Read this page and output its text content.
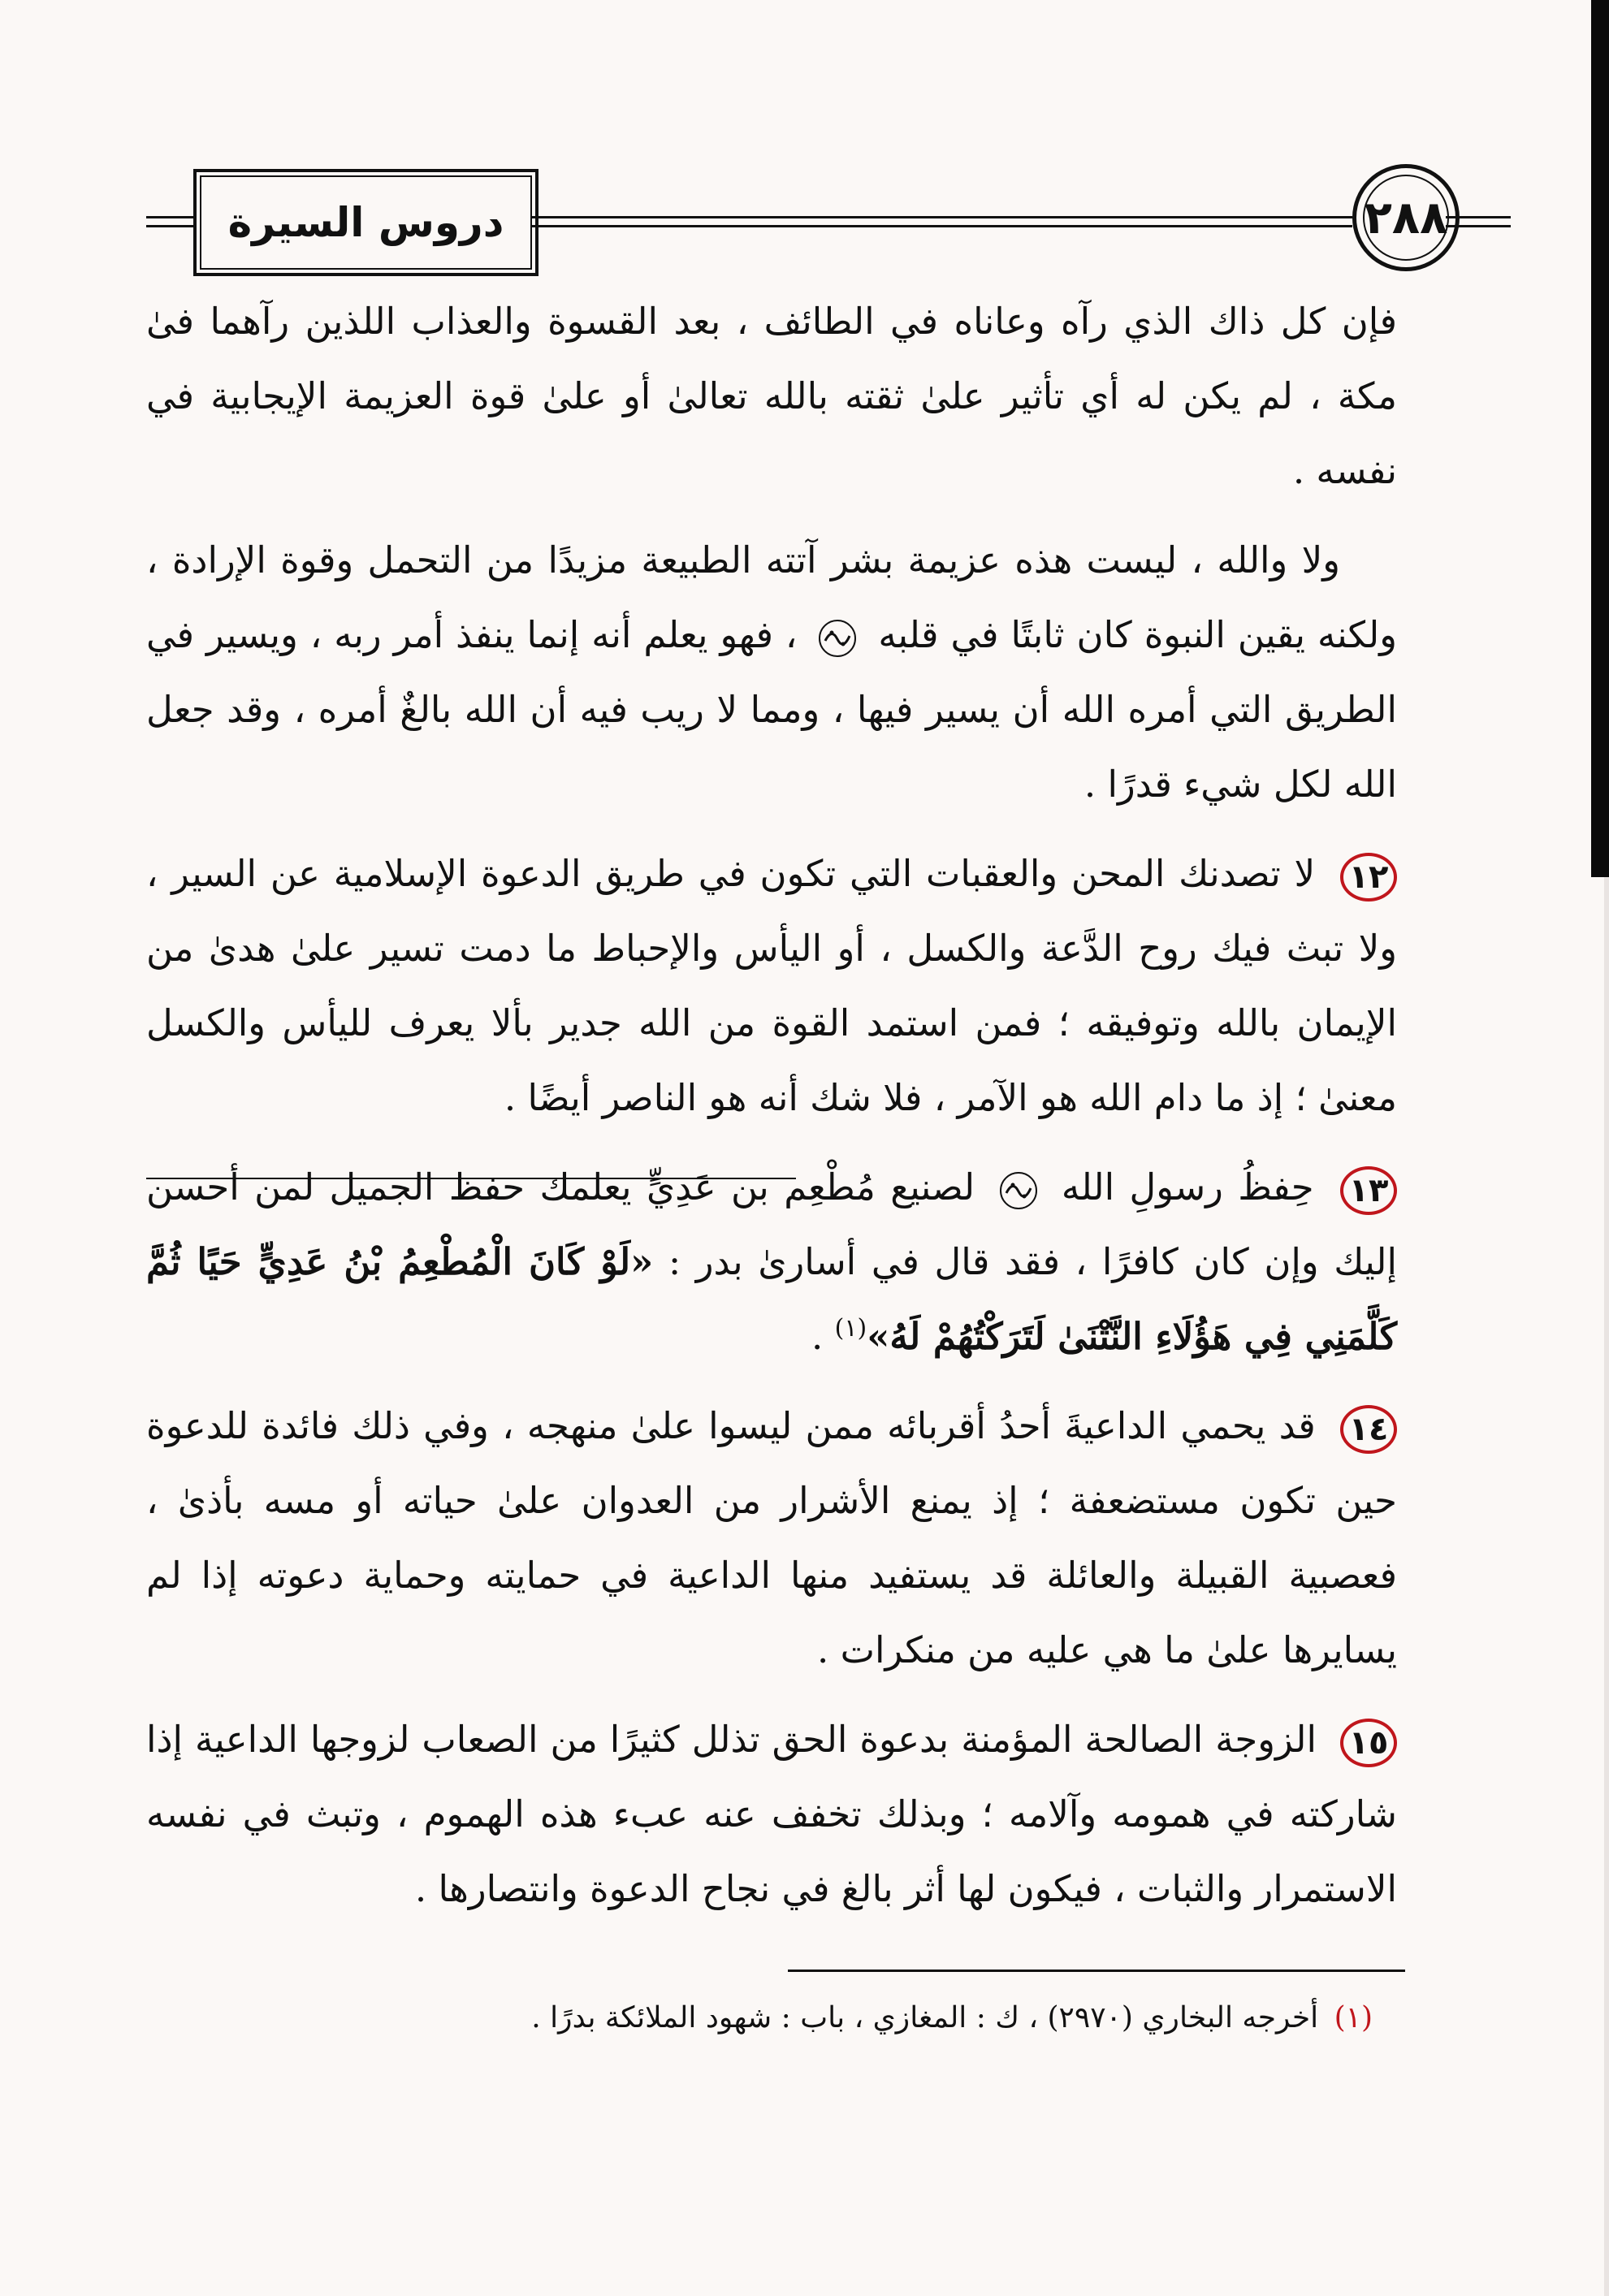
دروس السيرة	٢٨٨

فإن كل ذاك الذي رآه وعاناه في الطائف ، بعد القسوة والعذاب اللذين رآهما فىٰ مكة ، لم يكن له أي تأثير علىٰ ثقته بالله تعالىٰ أو علىٰ قوة العزيمة الإيجابية في نفسه .

ولا والله ، ليست هذه عزيمة بشر آتته الطبيعة مزيدًا من التحمل وقوة الإرادة ، ولكنه يقين النبوة كان ثابتًا في قلبه
، فهو يعلم أنه إنما ينفذ أمر ربه ، ويسير في الطريق التي أمره الله أن يسير فيها ، ومما لا ريب فيه أن الله بالغٌ أمره ، وقد جعل الله لكل شيء قدرًا .

١٢ لا تصدنك المحن والعقبات التي تكون في طريق الدعوة الإسلامية عن السير ، ولا تبث فيك روح الدَّعة والكسل ، أو اليأس والإحباط ما دمت تسير علىٰ هدىٰ من الإيمان بالله وتوفيقه ؛ فمن استمد القوة من الله جدير بألا يعرف لليأس والكسل معنىٰ ؛ إذ ما دام الله هو الآمر ، فلا شك أنه هو الناصر أيضًا .

١٣ حِفظُ رسولِ الله
لصنيع مُطْعِم بن عَدِيٍّ يعلمك حفظ الجميل لمن أحسن إليك وإن كان كافرًا ، فقد قال في أسارىٰ بدر : «لَوْ كَانَ الْمُطْعِمُ بْنُ عَدِيٍّ حَيًا ثُمَّ كَلَّمَنِي فِي هَؤُلَاءِ النَّتْنَىٰ لَتَرَكْتُهُمْ لَهُ»$^{(١)}$ .

١٤ قد يحمي الداعيةَ أحدُ أقربائه ممن ليسوا علىٰ منهجه ، وفي ذلك فائدة للدعوة حين تكون مستضعفة ؛ إذ يمنع الأشرار من العدوان علىٰ حياته أو مسه بأذىٰ ، فعصبية القبيلة والعائلة قد يستفيد منها الداعية في حمايته وحماية دعوته إذا لم يسايرها علىٰ ما هي عليه من منكرات .

١٥ الزوجة الصالحة المؤمنة بدعوة الحق تذلل كثيرًا من الصعاب لزوجها الداعية إذا شاركته في همومه وآلامه ؛ وبذلك تخفف عنه عبء هذه الهموم ، وتبث في نفسه الاستمرار والثبات ، فيكون لها أثر بالغ في نجاح الدعوة وانتصارها .

(١) أخرجه البخاري (٢٩٧٠) ، ك : المغازي ، باب : شهود الملائكة بدرًا .
